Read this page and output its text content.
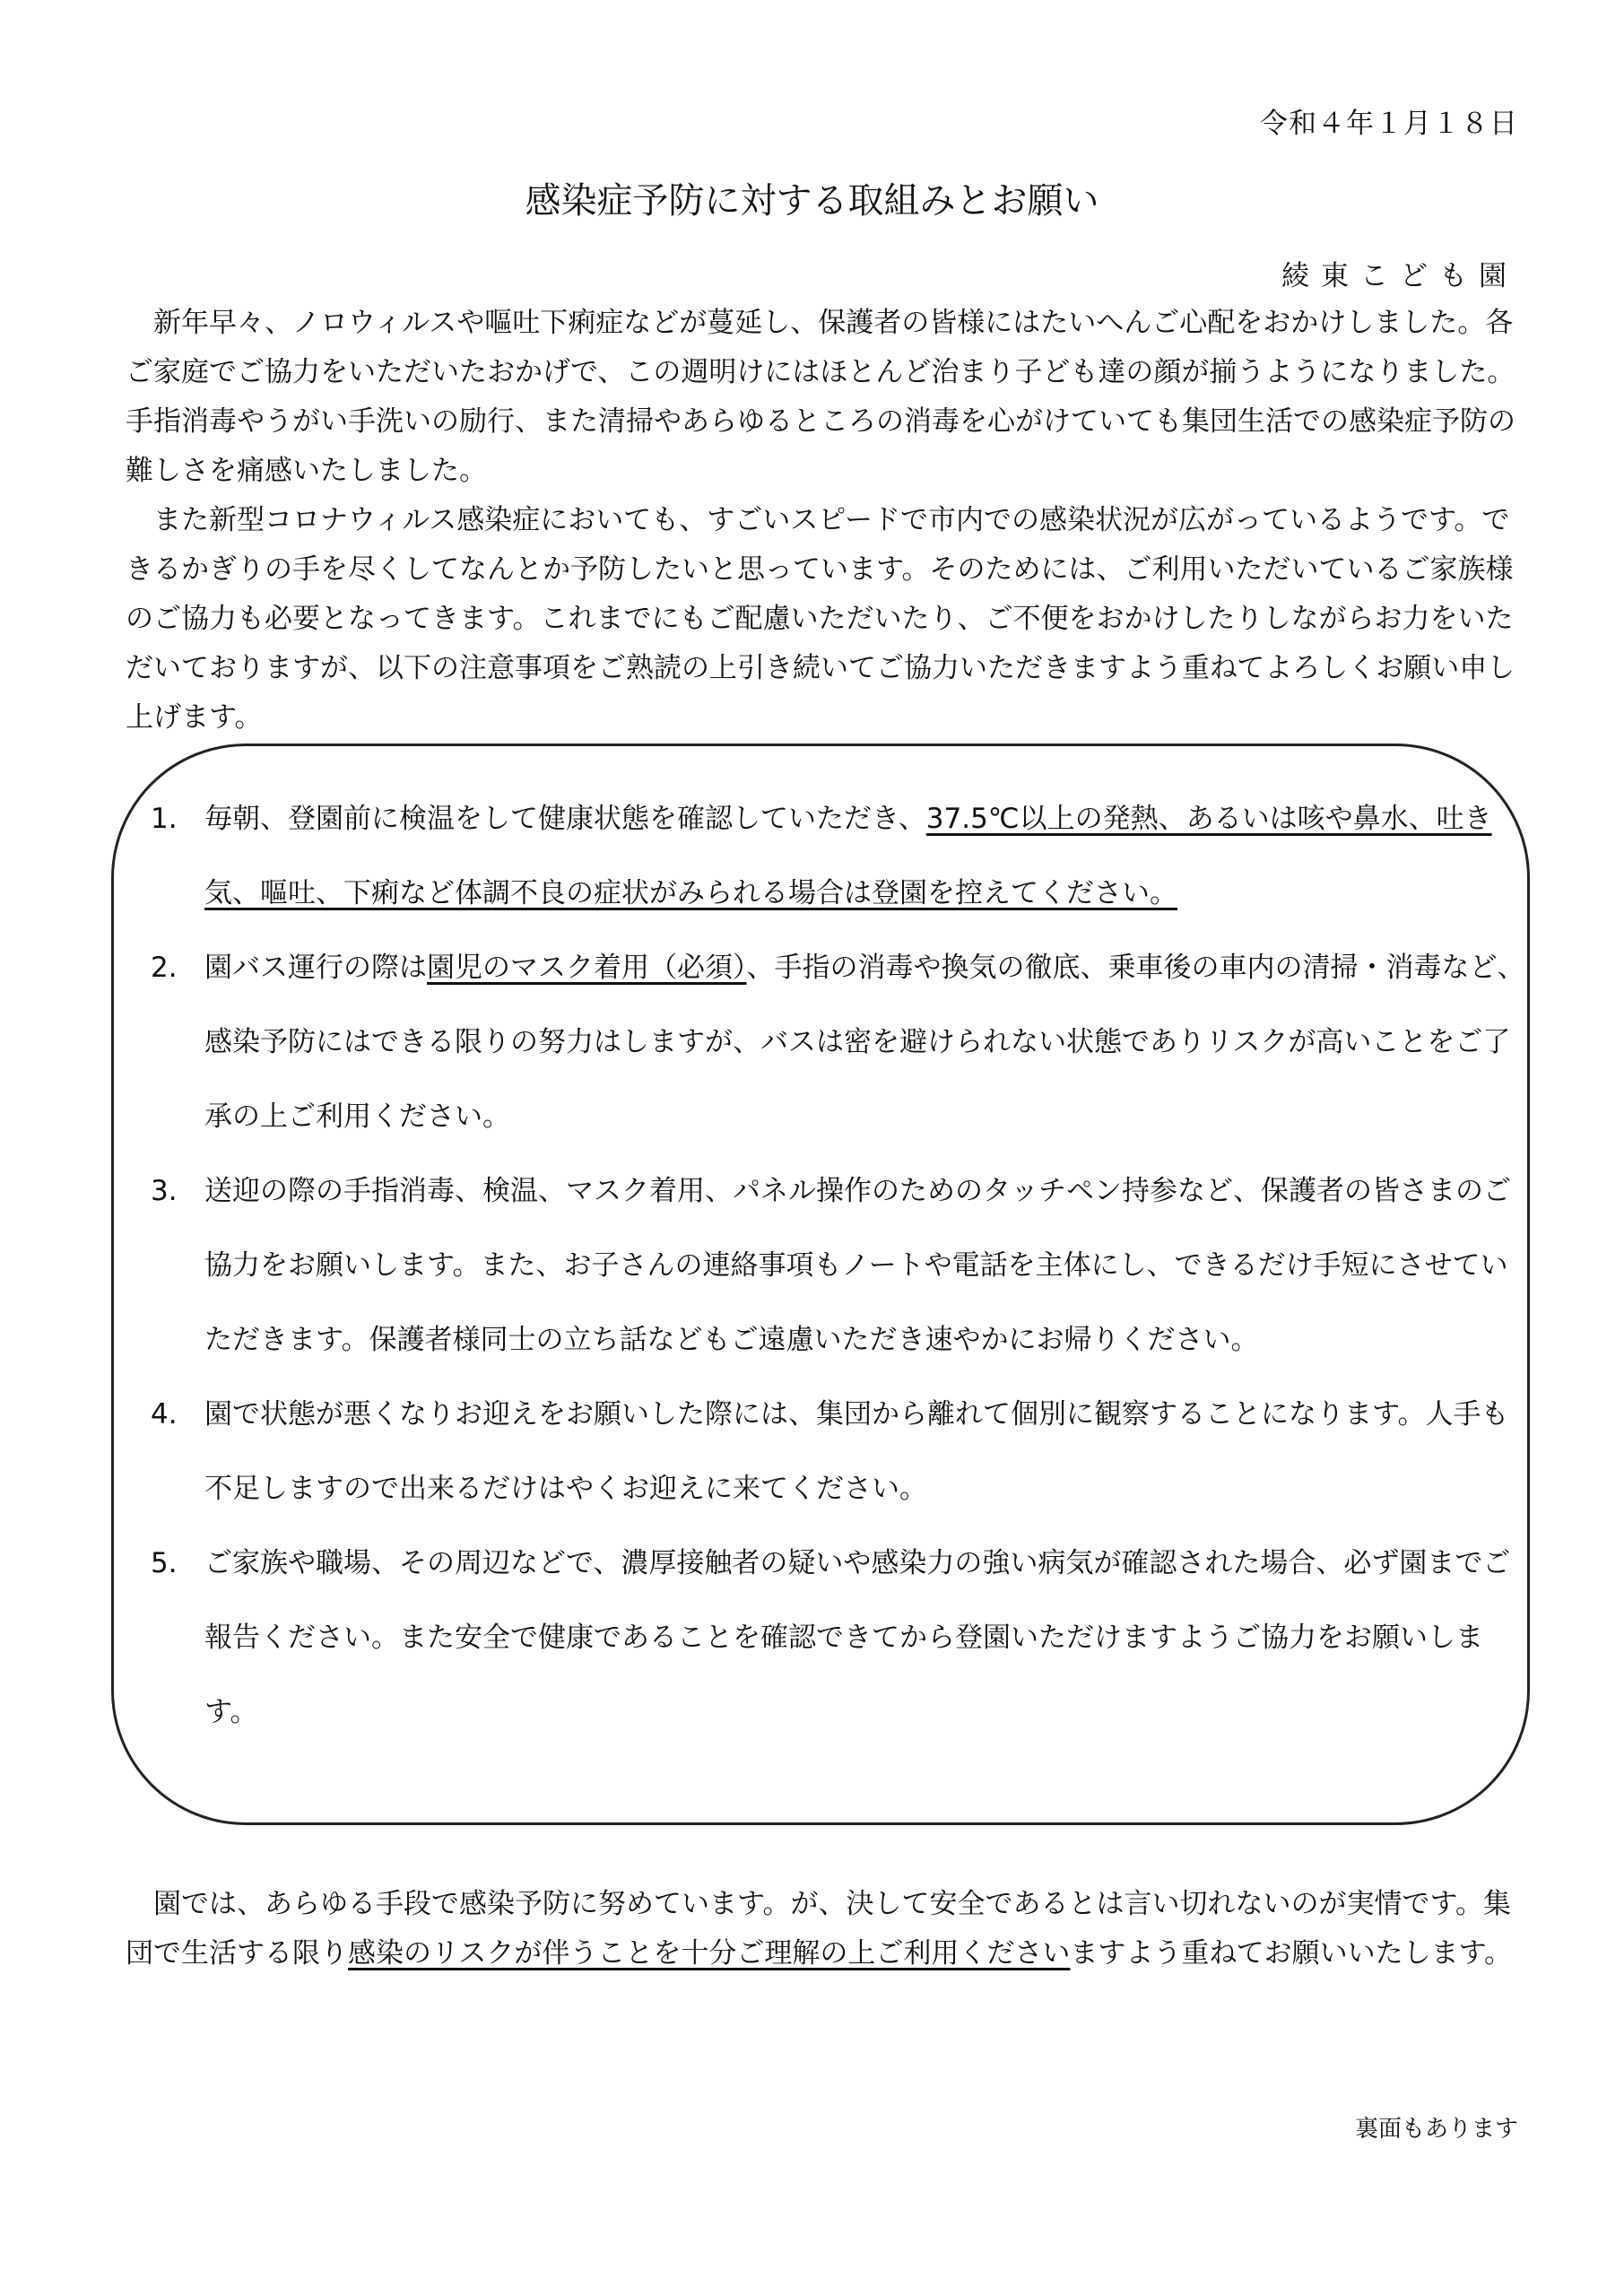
令和４年１月１８日
感染症予防に対する取組みとお願い
綾東こども園

新年早々、ノロウィルスや嘔吐下痢症などが蔓延し、保護者の皆様にはたいへんご心配をおかけしました。各ご家庭でご協力をいただいたおかげで、この週明けにはほとんど治まり子ども達の顔が揃うようになりました。手指消毒やうがい手洗いの励行、また清掃やあらゆるところの消毒を心がけていても集団生活での感染症予防の難しさを痛感いたしました。

また新型コロナウィルス感染症においても、すごいスピードで市内での感染状況が広がっているようです。できるかぎりの手を尽くしてなんとか予防したいと思っています。そのためには、ご利用いただいているご家族様のご協力も必要となってきます。これまでにもご配慮いただいたり、ご不便をおかけしたりしながらお力をいただいておりますが、以下の注意事項をご熟読の上引き続いてご協力いただきますよう重ねてよろしくお願い申し上げます。

1. 毎朝、登園前に検温をして健康状態を確認していただき、37.5℃以上の発熱、あるいは咳や鼻水、吐き気、嘔吐、下痢など体調不良の症状がみられる場合は登園を控えてください。
2. 園バス運行の際は園児のマスク着用（必須）、手指の消毒や換気の徹底、乗車後の車内の清掃・消毒など、感染予防にはできる限りの努力はしますが、バスは密を避けられない状態でありリスクが高いことをご了承の上ご利用ください。
3. 送迎の際の手指消毒、検温、マスク着用、パネル操作のためのタッチペン持参など、保護者の皆さまのご協力をお願いします。また、お子さんの連絡事項もノートや電話を主体にし、できるだけ手短にさせていただきます。保護者様同士の立ち話などもご遠慮いただき速やかにお帰りください。
4. 園で状態が悪くなりお迎えをお願いした際には、集団から離れて個別に観察することになります。人手も不足しますので出来るだけはやくお迎えに来てください。
5. ご家族や職場、その周辺などで、濃厚接触者の疑いや感染力の強い病気が確認された場合、必ず園までご報告ください。また安全で健康であることを確認できてから登園いただけますようご協力をお願いします。

園では、あらゆる手段で感染予防に努めています。が、決して安全であるとは言い切れないのが実情です。集団で生活する限り感染のリスクが伴うことを十分ご理解の上ご利用くださいますよう重ねてお願いいたします。

裏面もあります
